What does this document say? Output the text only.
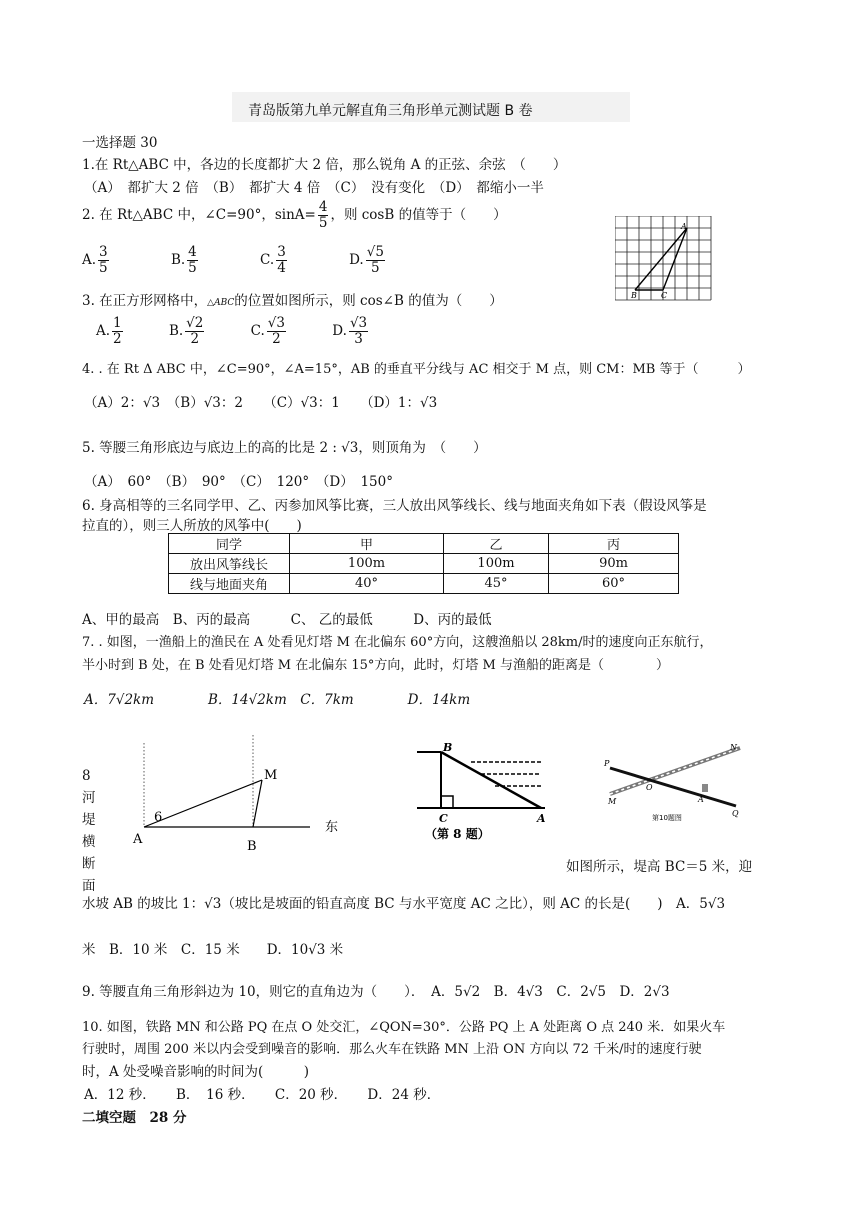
青岛版第九单元解直角三角形单元测试题 B 卷
一选择题 30
1.在 Rt△ABC 中，各边的长度都扩大 2 倍，那么锐角 A 的正弦、余弦　（　　）
（A）　都扩大 2 倍　（B）　都扩大 4 倍　（C）　没有变化　（D）　都缩小一半
2. 在 Rt△ABC 中，∠C=90°，$\sin A= \frac{4}{5}$ ，则 cosB 的值等于（　　）
A. $\frac{3}{5}$	B. $\frac{4}{5}$	C. $\frac{3}{4}$	D. $\frac{√5}{5}$
A
B	C
3. 在正方形网格中，△ABC的位置如图所示，则 cos∠B 的值为（　　）
A. $\frac{1}{2}$	B. $\frac{√2}{2}$	C. $\frac{√3}{2}$	D. $\frac{√3}{3}$
4. . 在 Rt Δ ABC 中，∠C=90°，∠A=15°，AB 的垂直平分线与 AC 相交于 M 点，则 CM：MB 等于（　　　）
（A）2：√3　（B）√3：2　　（C）√3：1　　（D）1：√3
5. 等腰三角形底边与底边上的高的比是 2 : √3，则顶角为　（　　）
（A）　60°　（B）　90°　（C）　120°　（D）　150°
6. 身高相等的三名同学甲、乙、丙参加风筝比赛，三人放出风筝线长、线与地面夹角如下表（假设风筝是
拉直的），则三人所放的风筝中(　　)
同学	甲	乙	丙
放出风筝线长	100m	100m	90m
线与地面夹角	40°	45°	60°
A、甲的最高　B、丙的最高　　　C、 乙的最低　　　D、丙的最低
7. . 如图，一渔船上的渔民在 A 处看见灯塔 M 在北偏东 60°方向，这艘渔船以 28km/时的速度向正东航行，
半小时到 B 处，在 B 处看见灯塔 M 在北偏东 15°方向，此时，灯塔 M 与渔船的距离是（　　　　）
A．7√2km　　　　B．14√2km　C．7km　　　　D．14km
8 河
堤
横
断
面
M
6
A	B
东
B
C	A
（第 8 题）
P
N
M
O
A
Q
第10题图
如图所示，堤高 BC＝5 米，迎
水坡 AB 的坡比 1：√3（坡比是坡面的铅直高度 BC 与水平宽度 AC 之比），则 AC 的长是(　　)　A．5√3
米　B．10 米　C．15 米　　D．10√3 米
9. 等腰直角三角形斜边为 10，则它的直角边为（　　）．　A．5√2　B．4√3　C．2√5　D．2√3
10. 如图，铁路 MN 和公路 PQ 在点 O 处交汇，∠QON=30°．公路 PQ 上 A 处距离 O 点 240 米．如果火车
行驶时，周围 200 米以内会受到噪音的影响．那么火车在铁路 MN 上沿 ON 方向以 72 千米/时的速度行驶
时，A 处受噪音影响的时间为(　　　)
A．12 秒．　　B．　16 秒．　　C．20 秒．　　D．24 秒．
二填空题　28 分
